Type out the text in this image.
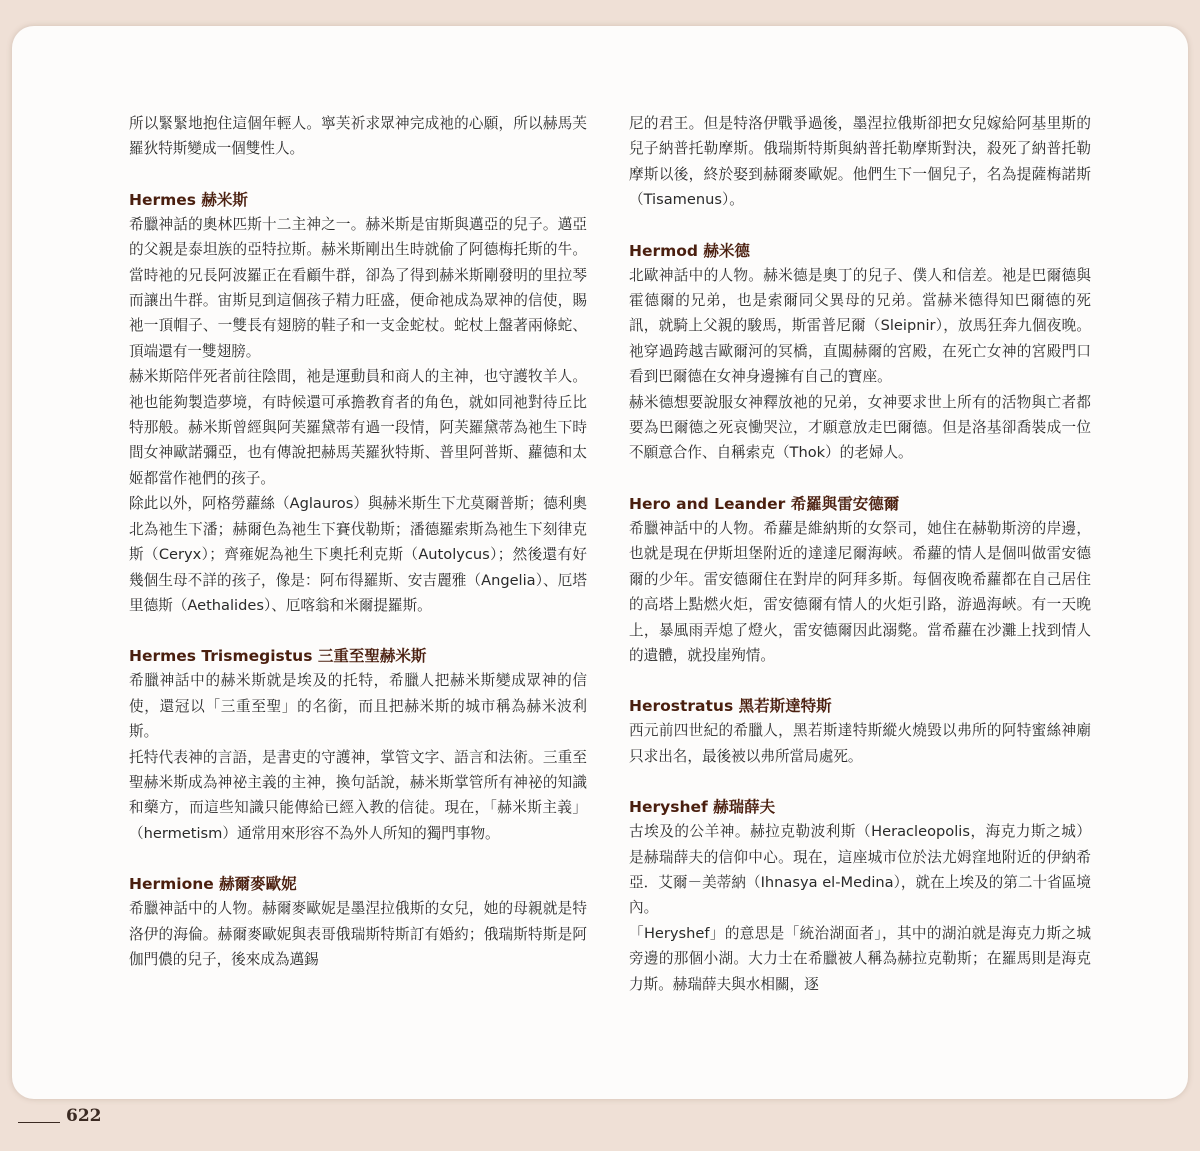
所以緊緊地抱住這個年輕人。寧芙祈求眾神完成祂的心願，所以赫馬芙羅狄特斯變成一個雙性人。

Hermes 赫米斯

希臘神話的奧林匹斯十二主神之一。赫米斯是宙斯與邁亞的兒子。邁亞的父親是泰坦族的亞特拉斯。赫米斯剛出生時就偷了阿德梅托斯的牛。當時祂的兄長阿波羅正在看顧牛群，卻為了得到赫米斯剛發明的里拉琴而讓出牛群。宙斯見到這個孩子精力旺盛，便命祂成為眾神的信使，賜祂一頂帽子、一雙長有翅膀的鞋子和一支金蛇杖。蛇杖上盤著兩條蛇、頂端還有一雙翅膀。

赫米斯陪伴死者前往陰間，祂是運動員和商人的主神，也守護牧羊人。祂也能夠製造夢境，有時候還可承擔教育者的角色，就如同祂對待丘比特那般。赫米斯曾經與阿芙羅黛蒂有過一段情，阿芙羅黛蒂為祂生下時間女神歐諾彌亞，也有傳說把赫馬芙羅狄特斯、普里阿普斯、蘿德和太姬都當作祂們的孩子。

除此以外，阿格勞蘿絲（Aglauros）與赫米斯生下尤莫爾普斯；德利奧北為祂生下潘；赫爾色為祂生下賽伐勒斯；潘德羅索斯為祂生下刻律克斯（Ceryx）；齊雍妮為祂生下奧托利克斯（Autolycus）；然後還有好幾個生母不詳的孩子，像是：阿布得羅斯、安吉麗雅（Angelia）、厄塔里德斯（Aethalides）、厄喀翁和米爾提羅斯。

Hermes Trismegistus 三重至聖赫米斯

希臘神話中的赫米斯就是埃及的托特，希臘人把赫米斯變成眾神的信使，還冠以「三重至聖」的名銜，而且把赫米斯的城市稱為赫米波利斯。

托特代表神的言語，是書吏的守護神，掌管文字、語言和法術。三重至聖赫米斯成為神祕主義的主神，換句話說，赫米斯掌管所有神祕的知識和藥方，而這些知識只能傳給已經入教的信徒。現在，「赫米斯主義」（hermetism）通常用來形容不為外人所知的獨門事物。

Hermione 赫爾麥歐妮

希臘神話中的人物。赫爾麥歐妮是墨涅拉俄斯的女兒，她的母親就是特洛伊的海倫。赫爾麥歐妮與表哥俄瑞斯特斯訂有婚約；俄瑞斯特斯是阿伽門儂的兒子，後來成為邁錫

尼的君王。但是特洛伊戰爭過後，墨涅拉俄斯卻把女兒嫁給阿基里斯的兒子納普托勒摩斯。俄瑞斯特斯與納普托勒摩斯對決，殺死了納普托勒摩斯以後，終於娶到赫爾麥歐妮。他們生下一個兒子，名為提薩梅諾斯（Tisamenus）。

Hermod 赫米德

北歐神話中的人物。赫米德是奧丁的兒子、僕人和信差。祂是巴爾德與霍德爾的兄弟，也是索爾同父異母的兄弟。當赫米德得知巴爾德的死訊，就騎上父親的駿馬，斯雷普尼爾（Sleipnir），放馬狂奔九個夜晚。祂穿過跨越吉歐爾河的冥橋，直闖赫爾的宮殿，在死亡女神的宮殿門口看到巴爾德在女神身邊擁有自己的寶座。

赫米德想要說服女神釋放祂的兄弟，女神要求世上所有的活物與亡者都要為巴爾德之死哀慟哭泣，才願意放走巴爾德。但是洛基卻喬裝成一位不願意合作、自稱索克（Thok）的老婦人。

Hero and Leander 希羅與雷安德爾

希臘神話中的人物。希蘿是維納斯的女祭司，她住在赫勒斯滂的岸邊，也就是現在伊斯坦堡附近的達達尼爾海峽。希蘿的情人是個叫做雷安德爾的少年。雷安德爾住在對岸的阿拜多斯。每個夜晚希蘿都在自己居住的高塔上點燃火炬，雷安德爾有情人的火炬引路，游過海峽。有一天晚上，暴風雨弄熄了燈火，雷安德爾因此溺斃。當希蘿在沙灘上找到情人的遺體，就投崖殉情。

Herostratus 黑若斯達特斯

西元前四世紀的希臘人，黑若斯達特斯縱火燒毀以弗所的阿特蜜絲神廟只求出名，最後被以弗所當局處死。

Heryshef 赫瑞薛夫

古埃及的公羊神。赫拉克勒波利斯（Heracleopolis，海克力斯之城）是赫瑞薛夫的信仰中心。現在，這座城市位於法尤姆窪地附近的伊納希亞．艾爾－美蒂納（Ihnasya el-Medina），就在上埃及的第二十省區境內。

「Heryshef」的意思是「統治湖面者」，其中的湖泊就是海克力斯之城旁邊的那個小湖。大力士在希臘被人稱為赫拉克勒斯；在羅馬則是海克力斯。赫瑞薛夫與水相關，逐

622
